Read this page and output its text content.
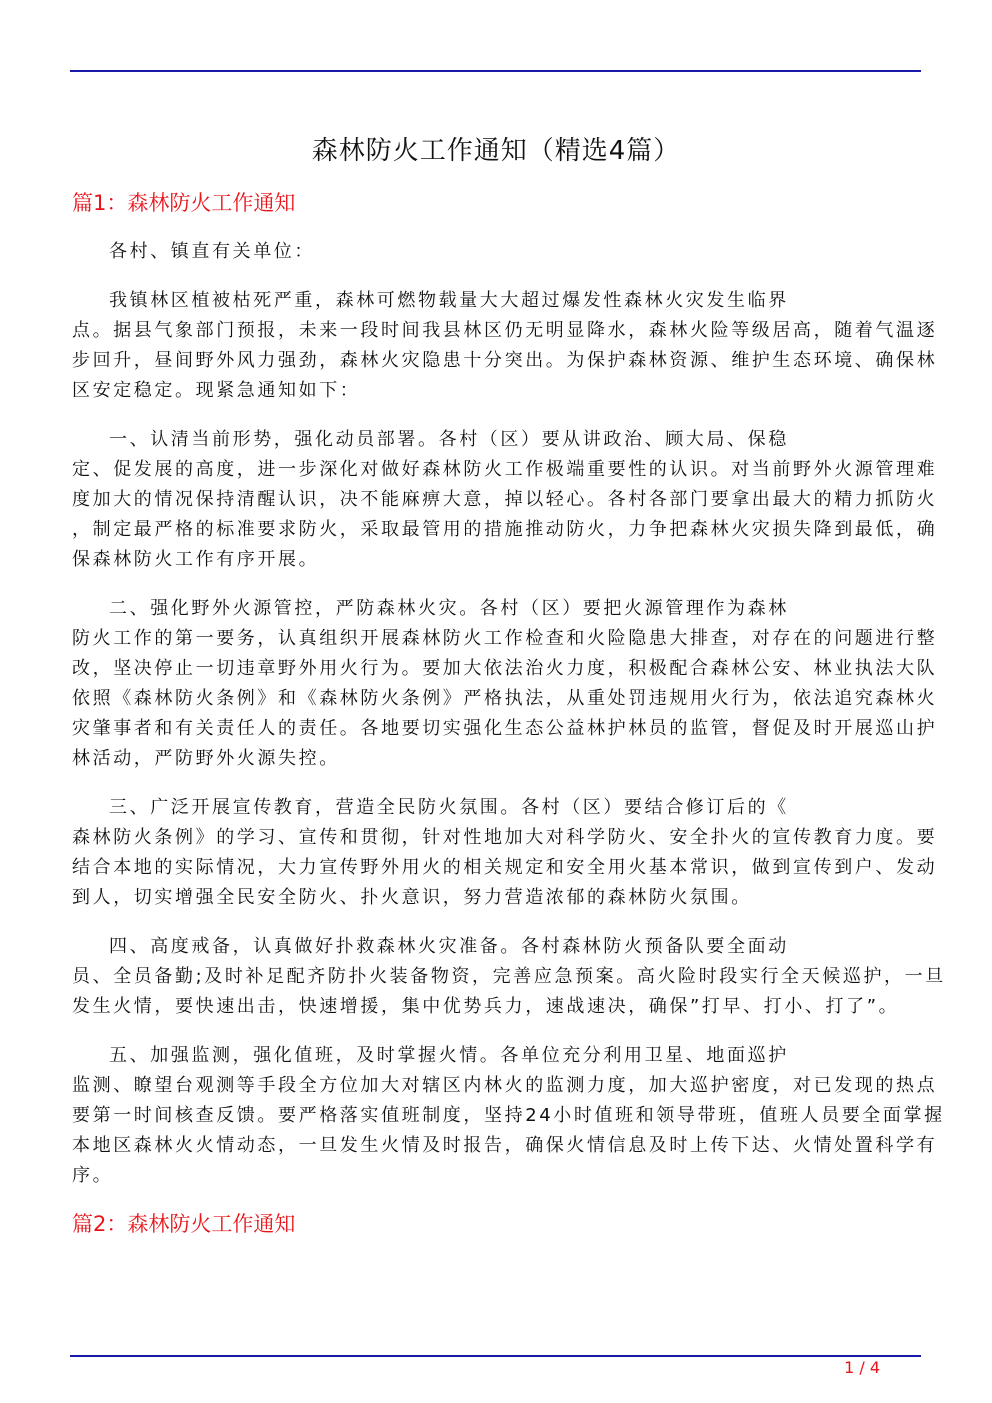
森林防火工作通知（精选4篇）
篇1：森林防火工作通知
各村、镇直有关单位：
我镇林区植被枯死严重，森林可燃物载量大大超过爆发性森林火灾发生临界
点。据县气象部门预报，未来一段时间我县林区仍无明显降水，森林火险等级居高，随着气温逐
步回升，昼间野外风力强劲，森林火灾隐患十分突出。为保护森林资源、维护生态环境、确保林
区安定稳定。现紧急通知如下：
一、认清当前形势，强化动员部署。各村（区）要从讲政治、顾大局、保稳
定、促发展的高度，进一步深化对做好森林防火工作极端重要性的认识。对当前野外火源管理难
度加大的情况保持清醒认识，决不能麻痹大意，掉以轻心。各村各部门要拿出最大的精力抓防火
，制定最严格的标准要求防火，采取最管用的措施推动防火，力争把森林火灾损失降到最低，确
保森林防火工作有序开展。
二、强化野外火源管控，严防森林火灾。各村（区）要把火源管理作为森林
防火工作的第一要务，认真组织开展森林防火工作检查和火险隐患大排查，对存在的问题进行整
改，坚决停止一切违章野外用火行为。要加大依法治火力度，积极配合森林公安、林业执法大队
依照《森林防火条例》和《森林防火条例》严格执法，从重处罚违规用火行为，依法追究森林火
灾肇事者和有关责任人的责任。各地要切实强化生态公益林护林员的监管，督促及时开展巡山护
林活动，严防野外火源失控。
三、广泛开展宣传教育，营造全民防火氛围。各村（区）要结合修订后的《
森林防火条例》的学习、宣传和贯彻，针对性地加大对科学防火、安全扑火的宣传教育力度。要
结合本地的实际情况，大力宣传野外用火的相关规定和安全用火基本常识，做到宣传到户、发动
到人，切实增强全民安全防火、扑火意识，努力营造浓郁的森林防火氛围。
四、高度戒备，认真做好扑救森林火灾准备。各村森林防火预备队要全面动
员、全员备勤;及时补足配齐防扑火装备物资，完善应急预案。高火险时段实行全天候巡护，一旦
发生火情，要快速出击，快速增援，集中优势兵力，速战速决，确保”打早、打小、打了”。
五、加强监测，强化值班，及时掌握火情。各单位充分利用卫星、地面巡护
监测、瞭望台观测等手段全方位加大对辖区内林火的监测力度，加大巡护密度，对已发现的热点
要第一时间核查反馈。要严格落实值班制度，坚持24小时值班和领导带班，值班人员要全面掌握
本地区森林火火情动态，一旦发生火情及时报告，确保火情信息及时上传下达、火情处置科学有
序。
篇2：森林防火工作通知
1 / 4
